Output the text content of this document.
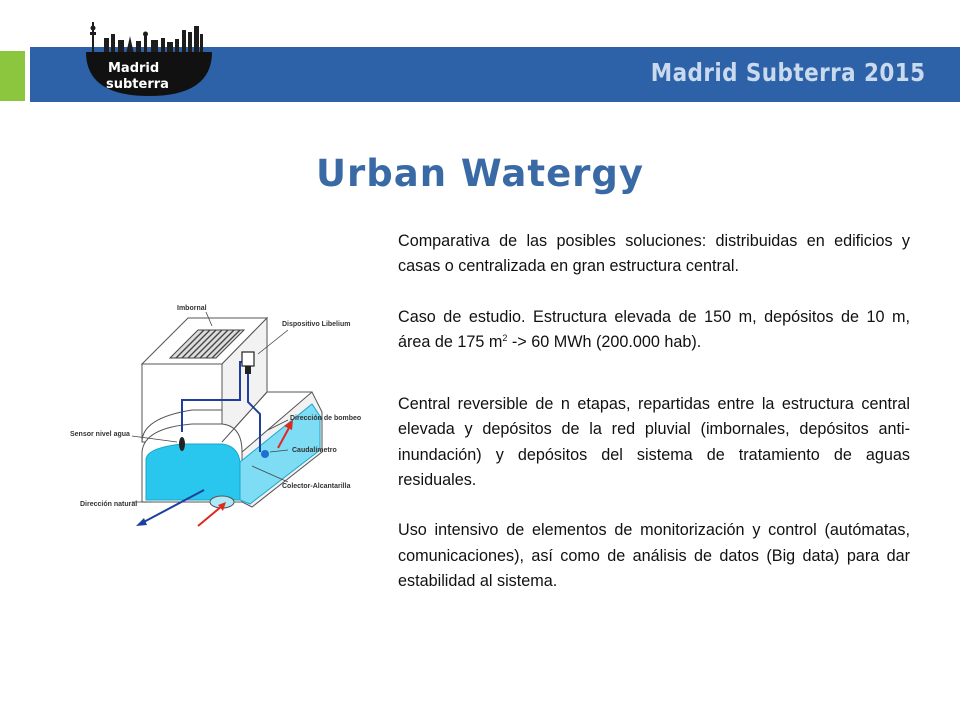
Madrid Subterra 2015
Madrid
subterra
Urban Watergy
Imbornal
Dispositivo Libelium
Dirección de bombeo
Sensor nivel agua
Caudalímetro
Colector-Alcantarilla
Dirección natural

Comparativa de las posibles soluciones: distribuidas en edificios y casas o centralizada en gran estructura central.

Caso de estudio. Estructura elevada de 150 m, depósitos de 10 m, área de 175 $m^2 -> 60$ MWh (200.000 hab).

Central reversible de n etapas, repartidas entre la estructura central elevada y depósitos de la red pluvial (imbornales, depósitos anti-inundación) y depósitos del sistema de tratamiento de aguas residuales.

Uso intensivo de elementos de monitorización y control (autómatas, comunicaciones), así como de análisis de datos (Big data) para dar estabilidad al sistema.
